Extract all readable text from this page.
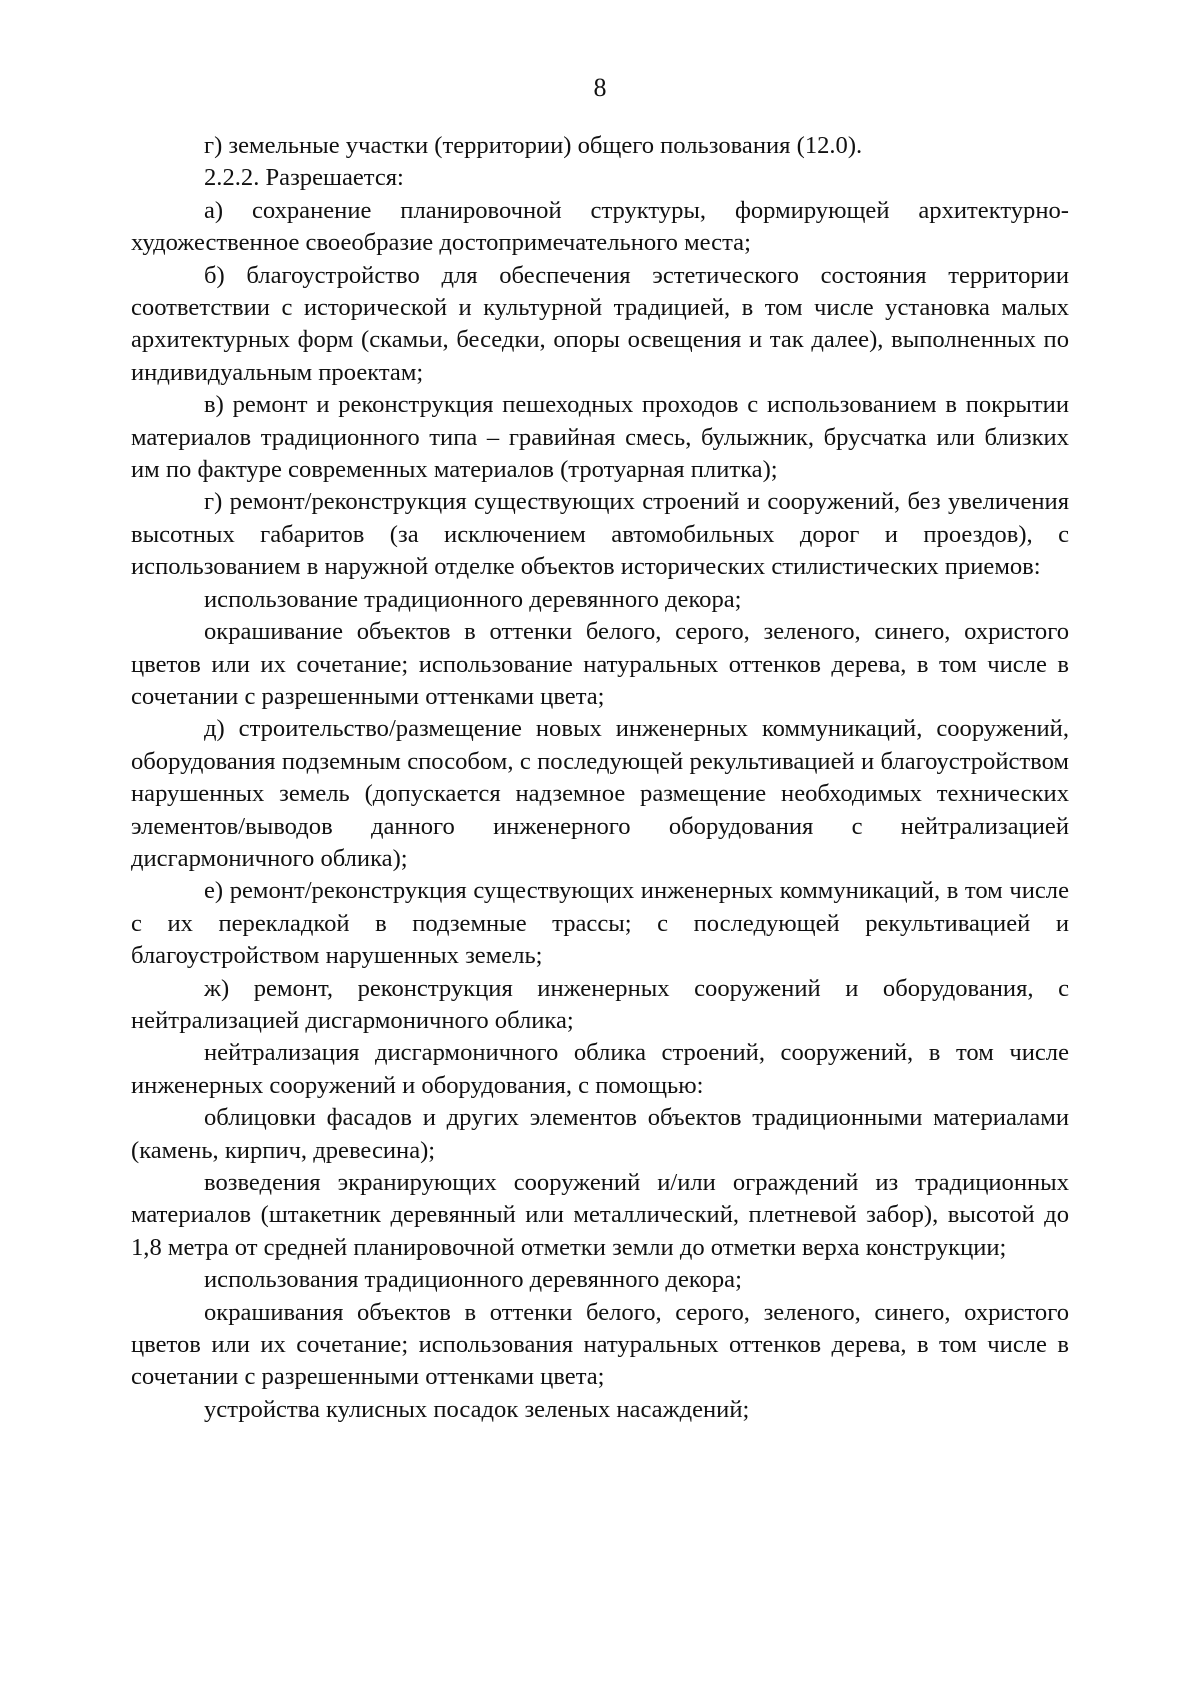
8

г) земельные участки (территории) общего пользования (12.0).

2.2.2. Разрешается:

а) сохранение планировочной структуры, формирующей архитектурно-художественное своеобразие достопримечательного места;

б) благоустройство для обеспечения эстетического состояния территории соответствии с исторической и культурной традицией, в том числе установка малых архитектурных форм (скамьи, беседки, опоры освещения и так далее), выполненных по индивидуальным проектам;

в) ремонт и реконструкция пешеходных проходов с использованием в покрытии материалов традиционного типа – гравийная смесь, булыжник, брусчатка или близких им по фактуре современных материалов (тротуарная плитка);

г) ремонт/реконструкция существующих строений и сооружений, без увеличения высотных габаритов (за исключением автомобильных дорог и проездов), с использованием в наружной отделке объектов исторических стилистических приемов:

использование традиционного деревянного декора;

окрашивание объектов в оттенки белого, серого, зеленого, синего, охристого цветов или их сочетание; использование натуральных оттенков дерева, в том числе в сочетании с разрешенными оттенками цвета;

д) строительство/размещение новых инженерных коммуникаций, сооружений, оборудования подземным способом, с последующей рекультивацией и благоустройством нарушенных земель (допускается надземное размещение необходимых технических элементов/выводов данного инженерного оборудования с нейтрализацией дисгармоничного облика);

е) ремонт/реконструкция существующих инженерных коммуникаций, в том числе с их перекладкой в подземные трассы; с последующей рекультивацией и благоустройством нарушенных земель;

ж) ремонт, реконструкция инженерных сооружений и оборудования, с нейтрализацией дисгармоничного облика;

нейтрализация дисгармоничного облика строений, сооружений, в том числе инженерных сооружений и оборудования, с помощью:

облицовки фасадов и других элементов объектов традиционными материалами (камень, кирпич, древесина);

возведения экранирующих сооружений и/или ограждений из традиционных материалов (штакетник деревянный или металлический, плетневой забор), высотой до 1,8 метра от средней планировочной отметки земли до отметки верха конструкции;

использования традиционного деревянного декора;

окрашивания объектов в оттенки белого, серого, зеленого, синего, охристого цветов или их сочетание; использования натуральных оттенков дерева, в том числе в сочетании с разрешенными оттенками цвета;

устройства кулисных посадок зеленых насаждений;
